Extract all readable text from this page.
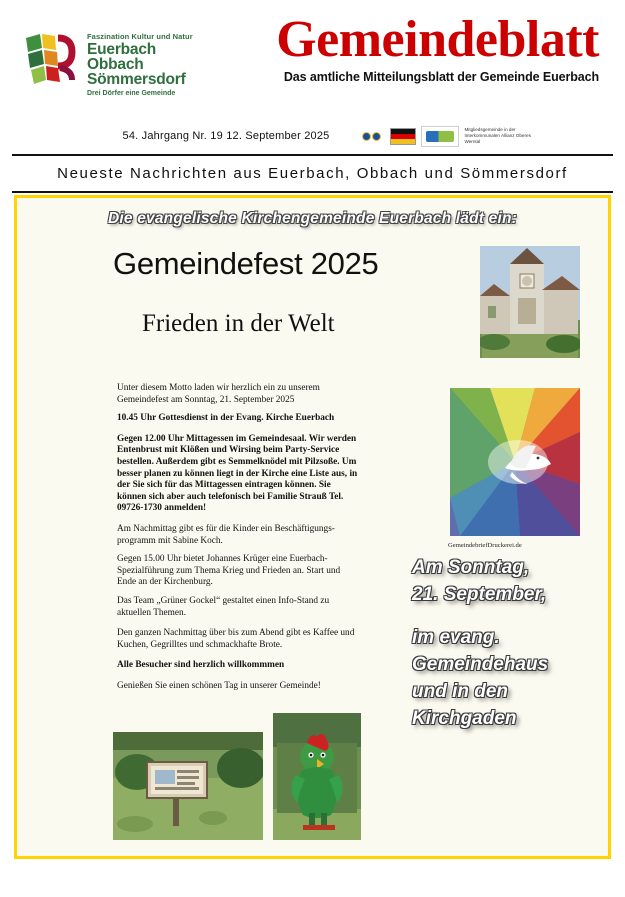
Faszination Kultur und Natur
Euerbach
Obbach
Sömmersdorf
Drei Dörfer eine Gemeinde
Gemeindeblatt
Das amtliche Mitteilungsblatt der Gemeinde Euerbach
54. Jahrgang Nr. 19 12. September 2025
Mitgliedsgemeinde in der Interkommunalen Allianz Oberes Werntal
Neueste Nachrichten aus Euerbach, Obbach und Sömmersdorf
Die evangelische Kirchengemeinde Euerbach lädt ein:
Gemeindefest 2025
Frieden in der Welt

Unter diesem Motto laden wir herzlich ein zu unserem Gemeindefest am Sonntag, 21. September 2025

10.45 Uhr Gottesdienst in der Evang. Kirche Euerbach

Gegen 12.00 Uhr Mittagessen im Gemeindesaal. Wir werden Entenbrust mit Klößen und Wirsing beim Party-Service bestellen. Außerdem gibt es Semmelknödel mit Pilzsoße. Um besser planen zu können liegt in der Kirche eine Liste aus, in der Sie sich für das Mittagessen eintragen können. Sie können sich aber auch telefonisch bei Familie Strauß Tel. 09726-1730 anmelden!

Am Nachmittag gibt es für die Kinder ein Beschäftigungs-programm mit Sabine Koch.

Gegen 15.00 Uhr bietet Johannes Krüger eine Euerbach-Spezialführung zum Thema Krieg und Frieden an. Start und Ende an der Kirchenburg.

Das Team „Grüner Gockel“ gestaltet einen Info-Stand zu aktuellen Themen.

Den ganzen Nachmittag über bis zum Abend gibt es Kaffee und Kuchen, Gegrilltes und schmackhafte Brote.

Alle Besucher sind herzlich willkommmen

Genießen Sie einen schönen Tag in unserer Gemeinde!

GemeindebriefDruckerei.de
Am Sonntag,
21. September,
im evang.
Gemeindehaus
und in den
Kirchgaden
